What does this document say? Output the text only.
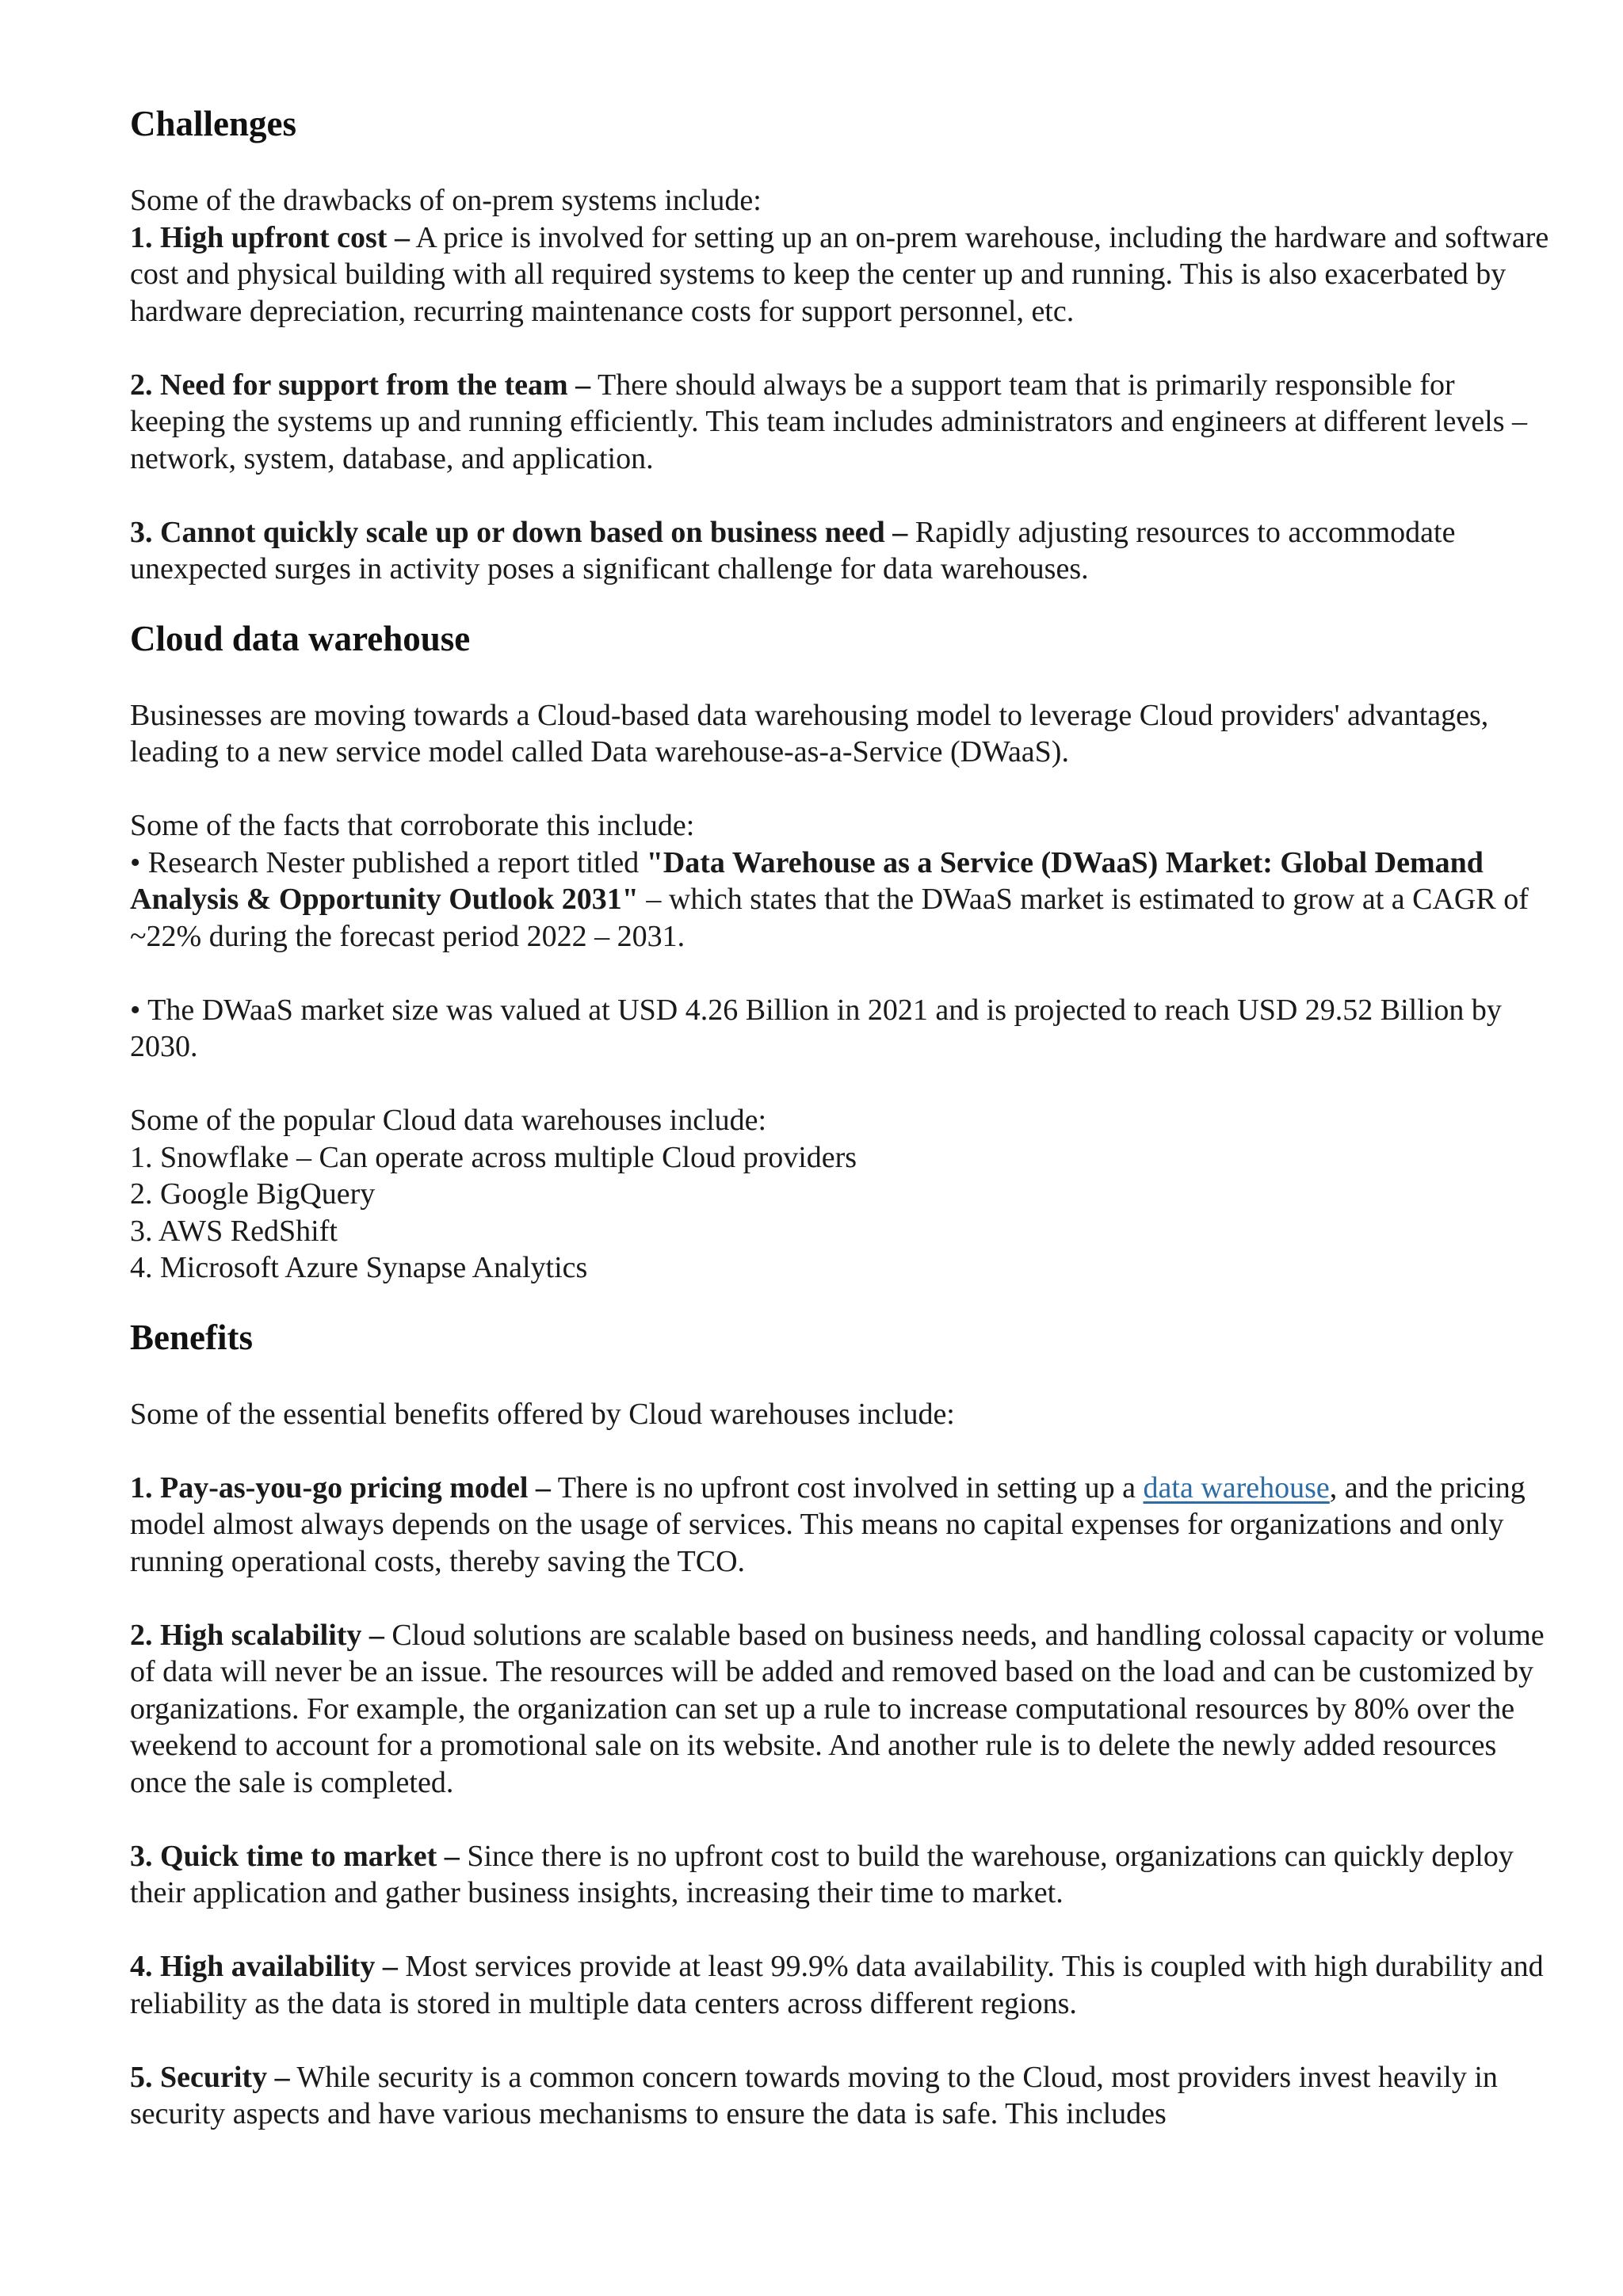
Challenges

Some of the drawbacks of on-prem systems include:

1. High upfront cost – A price is involved for setting up an on-prem warehouse, including the hardware and software cost and physical building with all required systems to keep the center up and running. This is also exacerbated by hardware depreciation, recurring maintenance costs for support personnel, etc.

2. Need for support from the team – There should always be a support team that is primarily responsible for keeping the systems up and running efficiently. This team includes administrators and engineers at different levels – network, system, database, and application.

3. Cannot quickly scale up or down based on business need – Rapidly adjusting resources to accommodate unexpected surges in activity poses a significant challenge for data warehouses.

Cloud data warehouse

Businesses are moving towards a Cloud-based data warehousing model to leverage Cloud providers' advantages, leading to a new service model called Data warehouse-as-a-Service (DWaaS).

Some of the facts that corroborate this include:

• Research Nester published a report titled "Data Warehouse as a Service (DWaaS) Market: Global Demand Analysis & Opportunity Outlook 2031" – which states that the DWaaS market is estimated to grow at a CAGR of ~22% during the forecast period 2022 – 2031.

• The DWaaS market size was valued at USD 4.26 Billion in 2021 and is projected to reach USD 29.52 Billion by 2030.

Some of the popular Cloud data warehouses include:

1. Snowflake – Can operate across multiple Cloud providers

2. Google BigQuery

3. AWS RedShift

4. Microsoft Azure Synapse Analytics

Benefits

Some of the essential benefits offered by Cloud warehouses include:

1. Pay-as-you-go pricing model – There is no upfront cost involved in setting up a data warehouse, and the pricing model almost always depends on the usage of services. This means no capital expenses for organizations and only running operational costs, thereby saving the TCO.

2. High scalability – Cloud solutions are scalable based on business needs, and handling colossal capacity or volume of data will never be an issue. The resources will be added and removed based on the load and can be customized by organizations. For example, the organization can set up a rule to increase computational resources by 80% over the weekend to account for a promotional sale on its website. And another rule is to delete the newly added resources once the sale is completed.

3. Quick time to market – Since there is no upfront cost to build the warehouse, organizations can quickly deploy their application and gather business insights, increasing their time to market.

4. High availability – Most services provide at least 99.9% data availability. This is coupled with high durability and reliability as the data is stored in multiple data centers across different regions.

5. Security – While security is a common concern towards moving to the Cloud, most providers invest heavily in security aspects and have various mechanisms to ensure the data is safe. This includes
